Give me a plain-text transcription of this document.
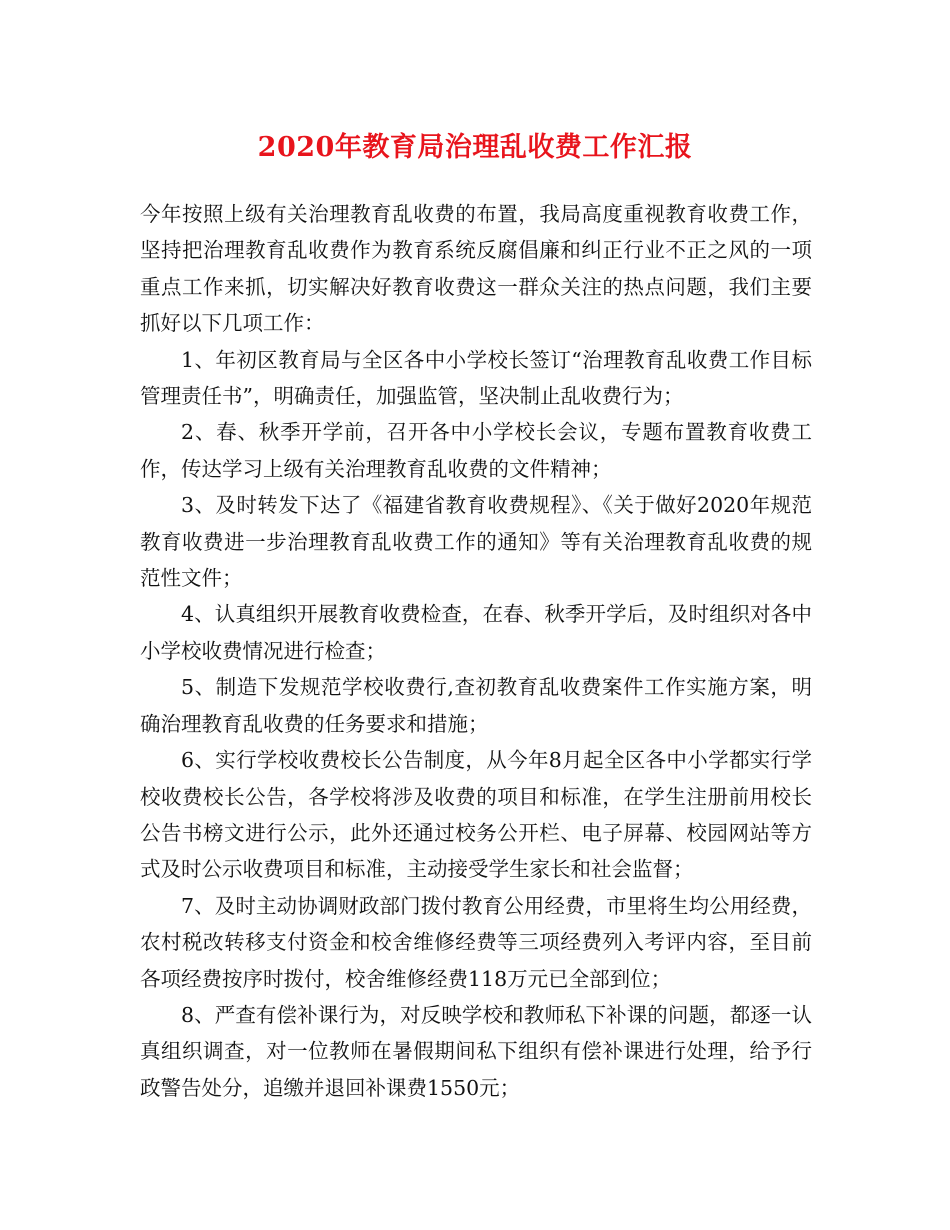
2020年教育局治理乱收费工作汇报

今年按照上级有关治理教育乱收费的布置，我局高度重视教育收费工作，坚持把治理教育乱收费作为教育系统反腐倡廉和纠正行业不正之风的一项重点工作来抓，切实解决好教育收费这一群众关注的热点问题，我们主要抓好以下几项工作：

1、年初区教育局与全区各中小学校长签订“治理教育乱收费工作目标管理责任书”，明确责任，加强监管，坚决制止乱收费行为；

2、春、秋季开学前，召开各中小学校长会议，专题布置教育收费工作，传达学习上级有关治理教育乱收费的文件精神；

3、及时转发下达了《福建省教育收费规程》、《关于做好2020年规范教育收费进一步治理教育乱收费工作的通知》等有关治理教育乱收费的规范性文件；

4、认真组织开展教育收费检查，在春、秋季开学后，及时组织对各中小学校收费情况进行检查；

5、制造下发规范学校收费行,查初教育乱收费案件工作实施方案，明确治理教育乱收费的任务要求和措施；

6、实行学校收费校长公告制度，从今年8月起全区各中小学都实行学校收费校长公告，各学校将涉及收费的项目和标准，在学生注册前用校长公告书榜文进行公示，此外还通过校务公开栏、电子屏幕、校园网站等方式及时公示收费项目和标准，主动接受学生家长和社会监督；

7、及时主动协调财政部门拨付教育公用经费，市里将生均公用经费，农村税改转移支付资金和校舍维修经费等三项经费列入考评内容，至目前各项经费按序时拨付，校舍维修经费118万元已全部到位；

8、严查有偿补课行为，对反映学校和教师私下补课的问题，都逐一认真组织调查，对一位教师在暑假期间私下组织有偿补课进行处理，给予行政警告处分，追缴并退回补课费1550元；
